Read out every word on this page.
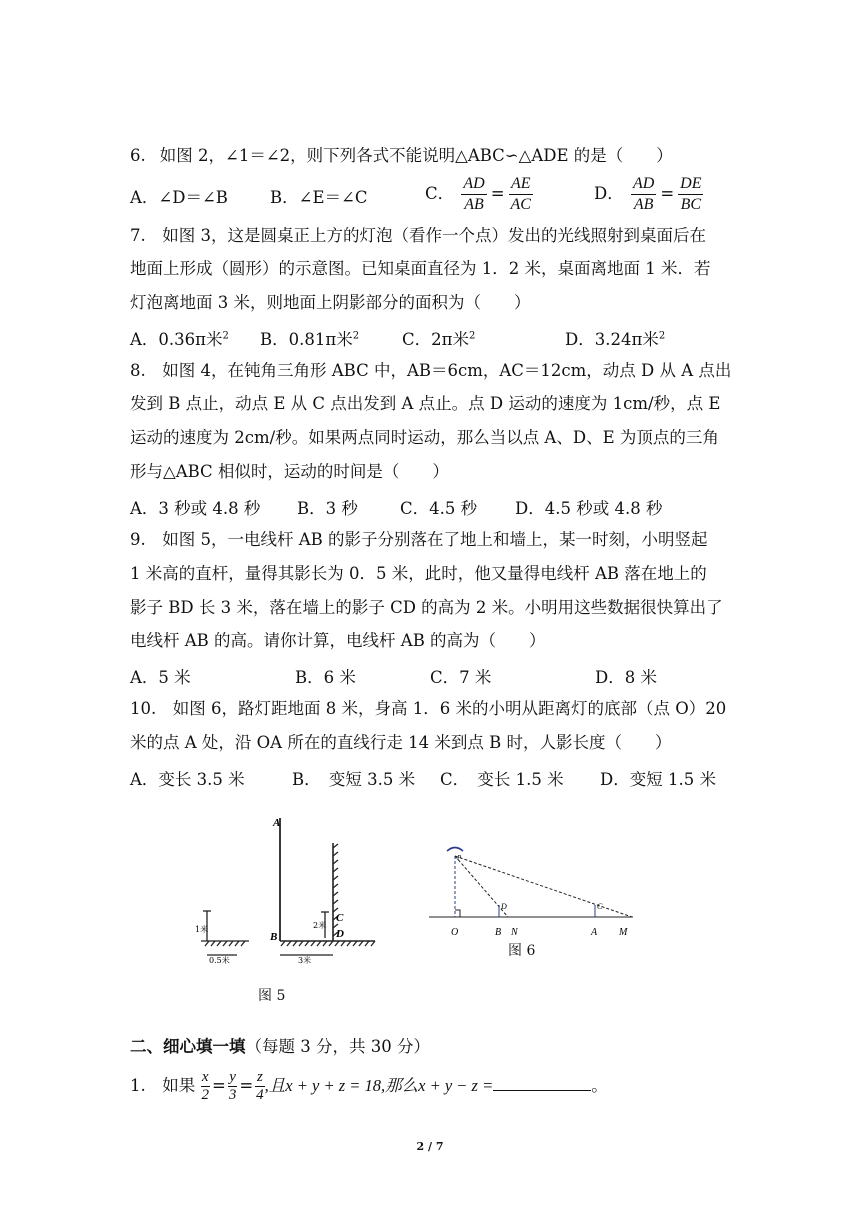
6. 如图 2，∠1＝∠2，则下列各式不能说明△ABC∽△ADE 的是（　　）
A．∠D＝∠B	B．∠E＝∠C	C． $\frac{AD}{AB} = \frac{AE}{AC}$	D． $\frac{AD}{AB} = \frac{DE}{BC}$
7.　如图 3，这是圆桌正上方的灯泡（看作一个点）发出的光线照射到桌面后在
地面上形成（圆形）的示意图。已知桌面直径为 1．2 米，桌面离地面 1 米．若
灯泡离地面 3 米，则地面上阴影部分的面积为（　　）
A．0.36π米$^2$ B．0.81π米$^2$	C．2π米$^2$	D．3.24π米$^2$
8.　如图 4，在钝角三角形 ABC 中，AB＝6cm，AC＝12cm，动点 D 从 A 点出
发到 B 点止，动点 E 从 C 点出发到 A 点止。点 D 运动的速度为 1cm/秒，点 E
运动的速度为 2cm/秒。如果两点同时运动，那么当以点 A、D、E 为顶点的三角
形与△ABC 相似时，运动的时间是（　　）
A．3 秒或 4.8 秒 B．3 秒	C．4.5 秒 D．4.5 秒或 4.8 秒
9.　如图 5，一电线杆 AB 的影子分别落在了地上和墙上，某一时刻，小明竖起
1 米高的直杆，量得其影长为 0．5 米，此时，他又量得电线杆 AB 落在地上的
影子 BD 长 3 米，落在墙上的影子 CD 的高为 2 米。小明用这些数据很快算出了
电线杆 AB 的高。请你计算，电线杆 AB 的高为（　　）
A．5 米	B．6 米	C．7 米	D．8 米
10.　如图 6，路灯距地面 8 米，身高 1．6 米的小明从距离灯的底部（点 O）20
米的点 A 处，沿 OA 所在的直线行走 14 米到点 B 时，人影长度（　　）
A．变长 3.5 米	B．　变短 3.5 米 C．　变长 1.5 米 D．变短 1.5 米
A
B
C
D
1米
0.5米
2米
3米
图 5
P
D	C
O	B N	A M
图 6
二、细心填一填（每题 3 分，共 30 分）
1.　如果 $\frac{x}{2} = \frac{y}{3} = \frac{z}{4}$ ,且x + y + z = 18,那么x + y − z =	。
2 / 7
